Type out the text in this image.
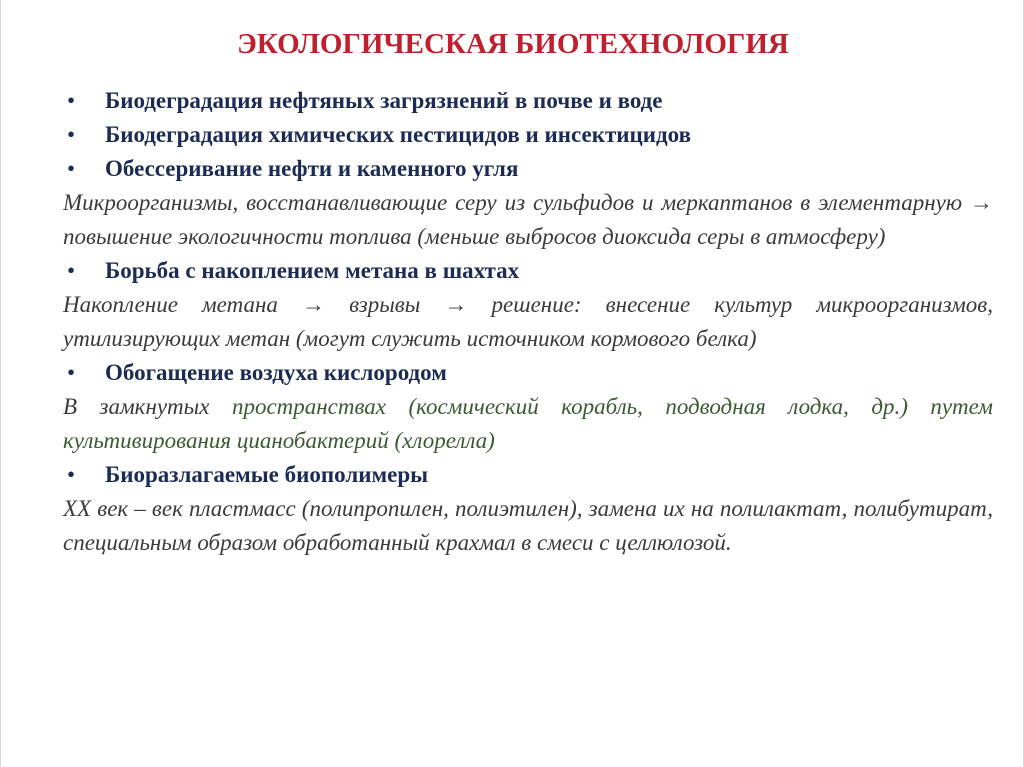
ЭКОЛОГИЧЕСКАЯ БИОТЕХНОЛОГИЯ
• Биодеградация нефтяных загрязнений в почве и воде
• Биодеградация химических пестицидов и инсектицидов
• Обессеривание нефти и каменного угля
Микроорганизмы, восстанавливающие серу из сульфидов и меркаптанов в элементарную → повышение экологичности топлива (меньше выбросов диоксида серы в атмосферу)
• Борьба с накоплением метана в шахтах
Накопление метана → взрывы → решение: внесение культур микроорганизмов, утилизирующих метан (могут служить источником кормового белка)
• Обогащение воздуха кислородом
В замкнутых пространствах (космический корабль, подводная лодка, др.) путем культивирования цианобактерий (хлорелла)
• Биоразлагаемые биополимеры
XX век – век пластмасс (полипропилен, полиэтилен), замена их на полилактат, полибутират, специальным образом обработанный крахмал в смеси с целлюлозой.
